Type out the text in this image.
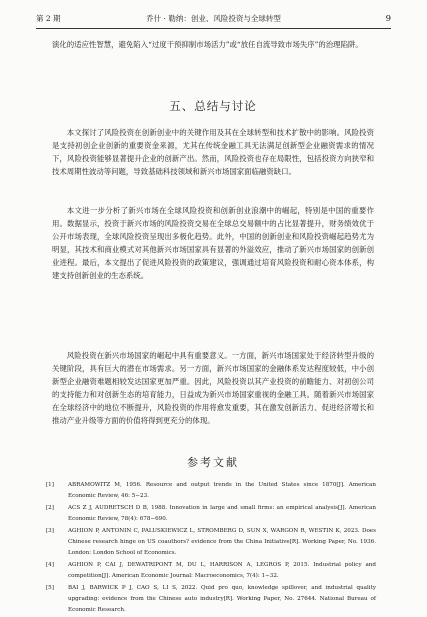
第 2 期	乔什 · 勒纳：创业、风险投资与全球转型	9

演化的适应性智慧，避免陷入“过度干预抑制市场活力”或“放任自流导致市场失序”的治理陷阱。

五、总结与讨论

本文探讨了风险投资在创新创业中的关键作用及其在全球转型和技术扩散中的影响。风险投资是支持初创企业创新的重要资金来源，尤其在传统金融工具无法满足创新型企业融资需求的情况下，风险投资能够显著提升企业的创新产出。然而，风险投资也存在局限性，包括投资方向狭窄和技术周期性波动等问题，导致基础科技领域和新兴市场国家面临融资缺口。

本文进一步分析了新兴市场在全球风险投资和创新创业浪潮中的崛起，特别是中国的重要作用。数据显示，投资于新兴市场的风险投资交易在全球总交易额中的占比显著提升，财务绩效优于公开市场表现，全球风险投资呈现出多极化趋势。此外，中国的创新创业和风险投资崛起趋势尤为明显，其技术和商业模式对其他新兴市场国家具有显著的外溢效应，推动了新兴市场国家的创新创业进程。最后，本文提出了促进风险投资的政策建议，强调通过培育风险投资和耐心资本体系，构建支持创新创业的生态系统。

风险投资在新兴市场国家的崛起中具有重要意义。一方面，新兴市场国家处于经济转型升级的关键阶段，具有巨大的潜在市场需求。另一方面，新兴市场国家的金融体系发达程度较低，中小创新型企业融资难题相较发达国家更加严重。因此，风险投资以其产业投资的前瞻能力、对初创公司的支持能力和对创新生态的培育能力，日益成为新兴市场国家重视的金融工具。随着新兴市场国家在全球经济中的地位不断提升，风险投资的作用将愈发重要，其在激发创新活力、促进经济增长和推动产业升级等方面的价值将得到更充分的体现。

参考文献
[1]	ABRAMOWITZ M, 1956. Resource and output trends in the United States since 1870[J]. American Economic Review, 46: 5−23.
[2]	ACS Z J, AUDRETSCH D B, 1988. Innovation in large and small firms: an empirical analysis[J]. American Economic Review, 78(4): 678−690.
[3]	AGHION P, ANTONIN C, PALUSKIEWICZ L, STROMBERG D, SUN X, WARGON R, WESTIN K, 2023. Does Chinese research hinge on US coauthors? evidence from the China Initiative[R]. Working Paper, No. 1936. London: London School of Economics.
[4]	AGHION P, CAI J, DEWATRIPONT M, DU L, HARRISON A, LEGROS P, 2015. Industrial policy and competition[J]. American Economic Journal: Macroeconomics, 7(4): 1−32.
[5]	BAI J, BARWICK P J, CAO S, LI S, 2022. Quid pro quo, knowledge spillover, and industrial quality upgrading: evidence from the Chinese auto industry[R]. Working Paper, No. 27644. National Bureau of Economic Research.
